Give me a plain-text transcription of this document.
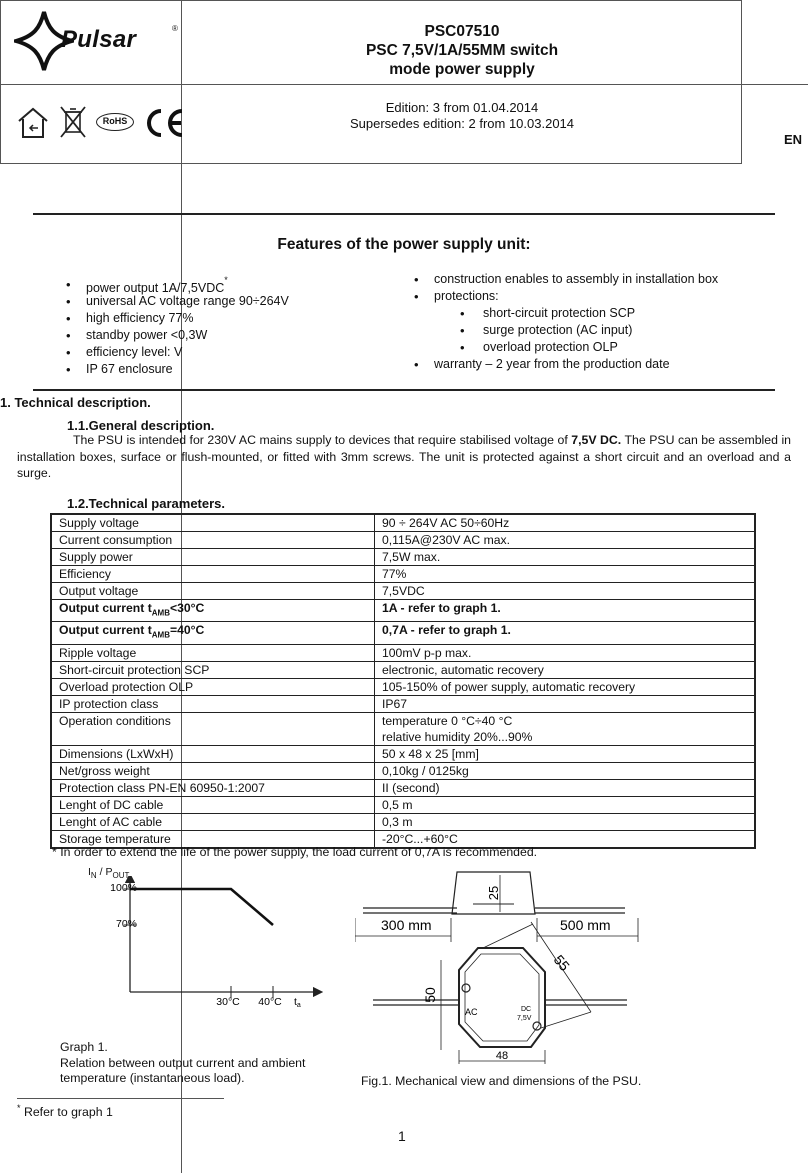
Pulsar	®	PSC07510
PSC 7,5V/1A/55MM switch
mode power supply
RoHS
Edition: 3 from 01.04.2014
Supersedes edition: 2 from 10.03.2014
EN
Features of the power supply unit:
• power output 1A/7,5VDC*
• universal AC voltage range 90÷264V
• high efficiency 77%
• standby power <0,3W
• efficiency level: V
• IP 67 enclosure
• construction enables to assembly in installation box
• protections:
• short-circuit protection SCP
• surge protection (AC input)
• overload protection OLP
• warranty – 2 year from the production date
1. Technical description.
1.1.General description.
The PSU is intended for 230V AC mains supply to devices that require stabilised voltage of 7,5V DC. The PSU can be assembled in installation boxes, surface or flush-mounted, or fitted with 3mm screws. The unit is protected against a short circuit and an overload and a surge.
1.2.Technical parameters.
Supply voltage	90 ÷ 264V AC 50÷60Hz
Current consumption	0,115A@230V AC max.
Supply power	7,5W max.
Efficiency	77%
Output voltage	7,5VDC
Output current $t_{AMB}<30^\circ C$	1A - refer to graph 1.
Output current $t_{AMB}=40^\circ C$	0,7A - refer to graph 1.
Ripple voltage	100mV p-p max.
Short-circuit protection SCP	electronic, automatic recovery
Overload protection OLP	105-150% of power supply, automatic recovery
IP protection class	IP67
Operation conditions	temperature 0 °C÷40 °C
relative humidity 20%...90%

Dimensions (LxWxH)	50 x 48 x 25 [mm]
Net/gross weight	0,10kg / 0125kg
Protection class PN-EN 60950-1:2007	II (second)
Lenght of DC cable	0,5 m
Lenght of AC cable	0,3 m
Storage temperature	-20°C...+60°C
* In order to extend the life of the power supply, the load current of 0,7A is recommended.
$I_N / P_{OUT}$
100%
70%
30°C 40°C ta
Graph 1.
Relation between output current and ambient
temperature (instantaneous load).
25
300 mm	500 mm
AC	DC
7,5V
50
55
48
Fig.1. Mechanical view and dimensions of the PSU.
* Refer to graph 1
1
